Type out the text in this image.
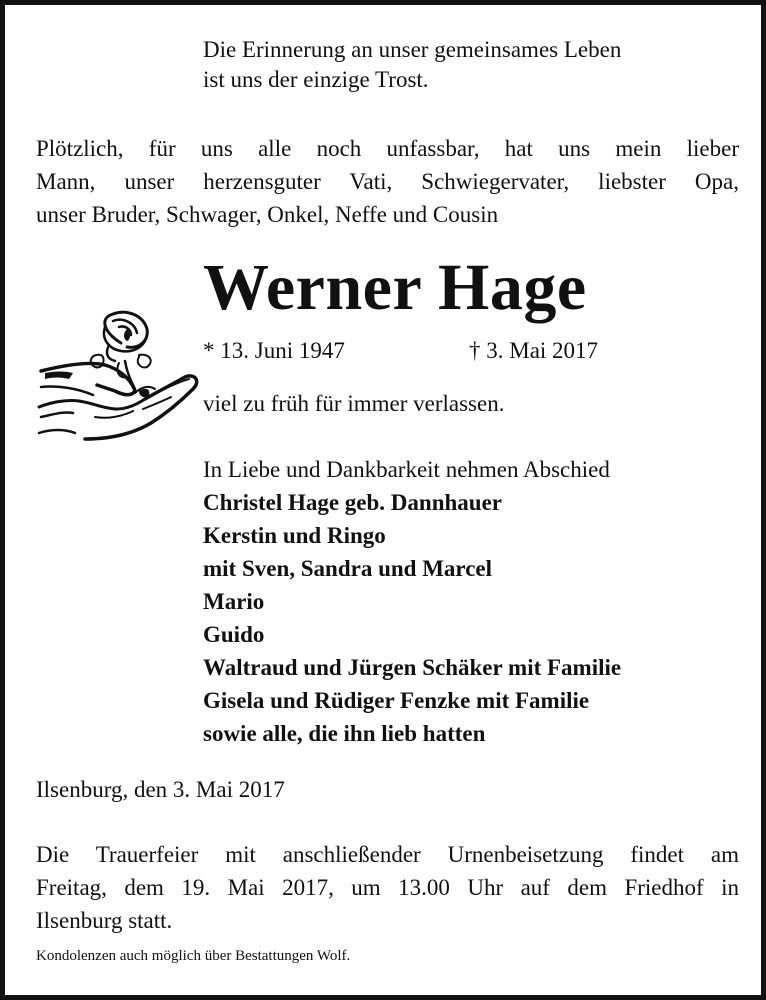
Die Erinnerung an unser gemeinsames Leben
ist uns der einzige Trost.

Plötzlich, für uns alle noch unfassbar, hat uns mein lieber
Mann, unser herzensguter Vati, Schwiegervater, liebster Opa,
unser Bruder, Schwager, Onkel, Neffe und Cousin

Werner Hage
* 13. Juni 1947	† 3. Mai 2017

viel zu früh für immer verlassen.

In Liebe und Dankbarkeit nehmen Abschied

Christel Hage geb. Dannhauer
Kerstin und Ringo
mit Sven, Sandra und Marcel
Mario
Guido
Waltraud und Jürgen Schäker mit Familie
Gisela und Rüdiger Fenzke mit Familie
sowie alle, die ihn lieb hatten

Ilsenburg, den 3. Mai 2017

Die Trauerfeier mit anschließender Urnenbeisetzung findet am
Freitag, dem 19. Mai 2017, um 13.00 Uhr auf dem Friedhof in
Ilsenburg statt.

Kondolenzen auch möglich über Bestattungen Wolf.
